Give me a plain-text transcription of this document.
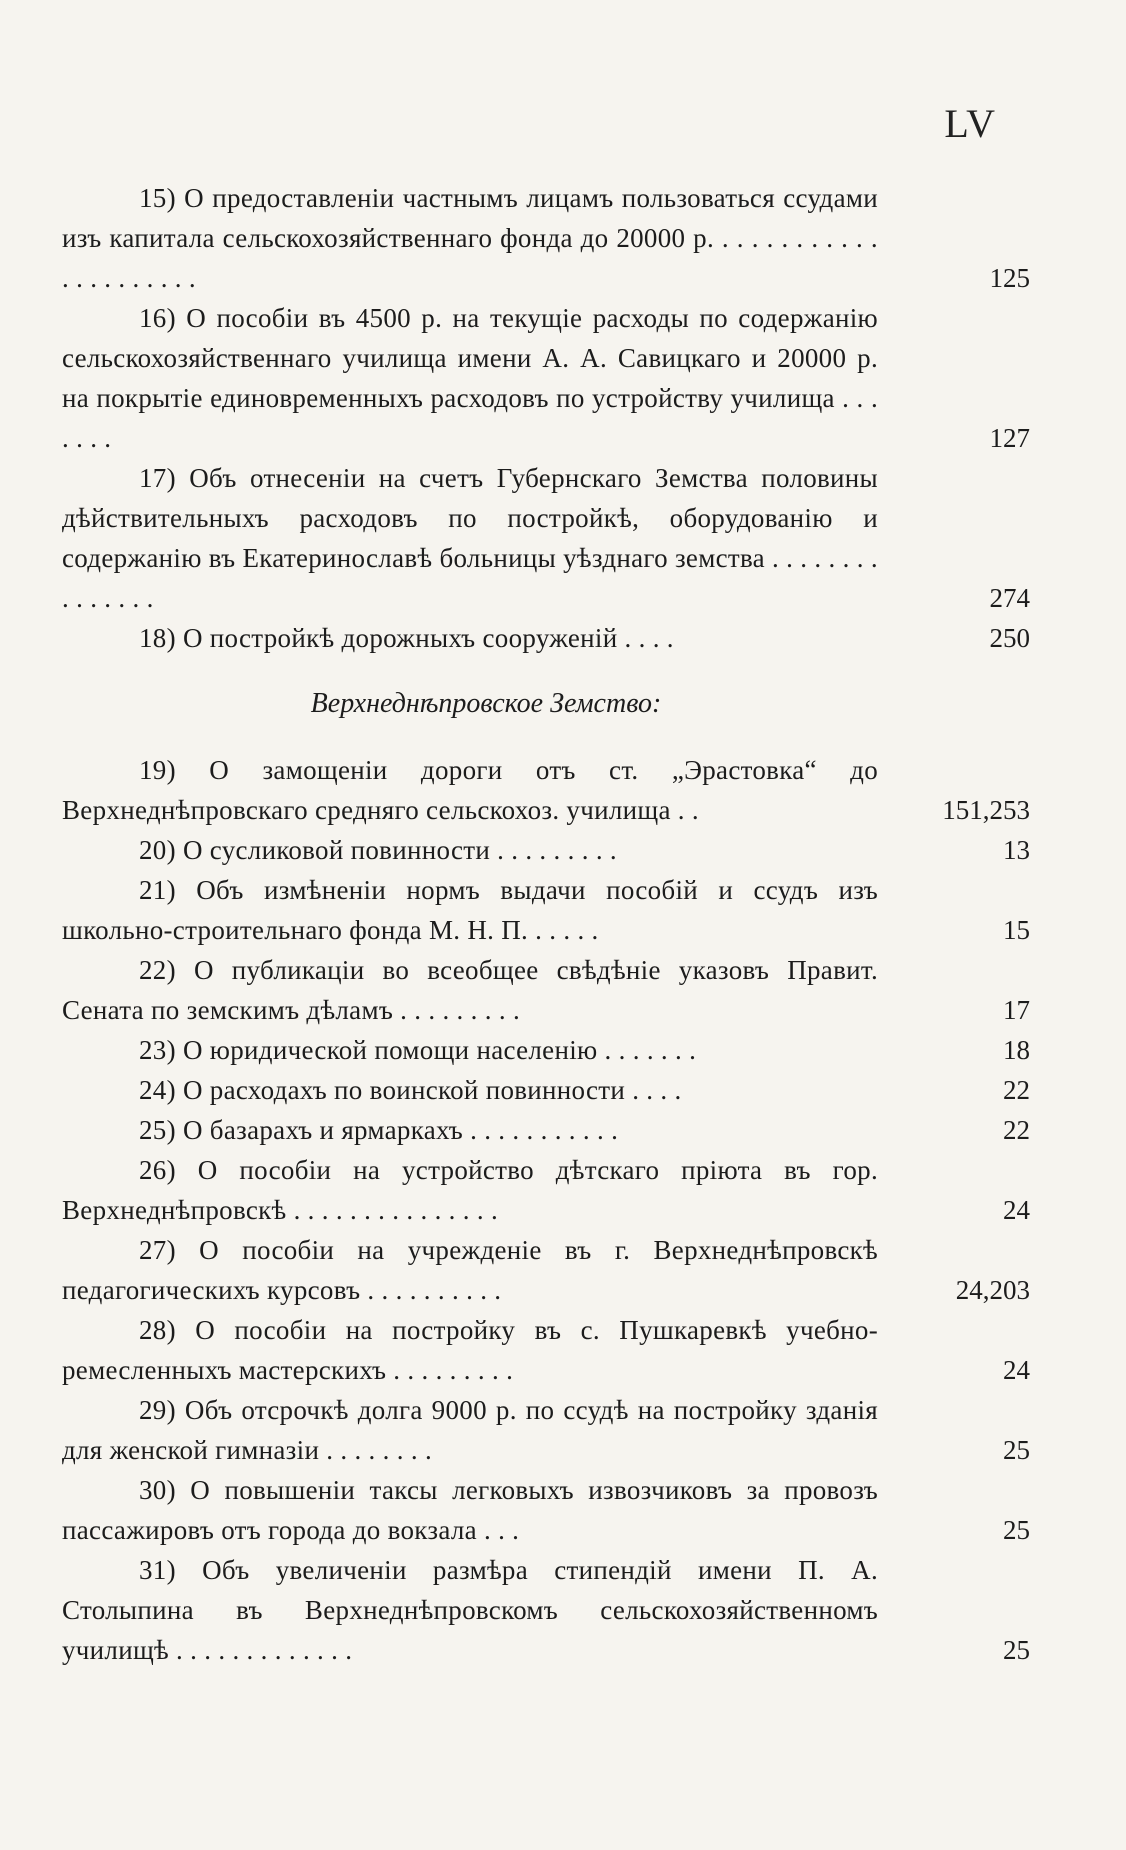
LV
15) О предоставленіи частнымъ лицамъ пользоваться ссудами изъ капитала сельскохозяйственнаго фонда до 20000 р. . . . . . . . . . . . . . . . . . . . . .	125
16) О пособіи въ 4500 р. на текущіе расходы по содержанію сельскохозяйственнаго училища имени А. А. Савицкаго и 20000 р. на покрытіе единовременныхъ расходовъ по устройству училища . . . . . . .	127
17) Объ отнесеніи на счетъ Губернскаго Земства половины дѣйствительныхъ расходовъ по постройкѣ, оборудованію и содержанію въ Екатеринославѣ больницы уѣзднаго земства . . . . . . . . . . . . . . .	274
18) О постройкѣ дорожныхъ сооруженій . . . .	250
Верхнеднѣпровское Земство:
19) О замощеніи дороги отъ ст. „Эрастовка“ до Верхнеднѣпровскаго средняго сельскохоз. училища . .	151,253
20) О сусликовой повинности . . . . . . . . .	13
21) Объ измѣненіи нормъ выдачи пособій и ссудъ изъ школьно-строительнаго фонда М. Н. П. . . . . .	15
22) О публикаціи во всеобщее свѣдѣніе указовъ Правит. Сената по земскимъ дѣламъ . . . . . . . . .	17
23) О юридической помощи населенію . . . . . . .	18
24) О расходахъ по воинской повинности . . . .	22
25) О базарахъ и ярмаркахъ . . . . . . . . . . .	22
26) О пособіи на устройство дѣтскаго пріюта въ гор. Верхнеднѣпровскѣ . . . . . . . . . . . . . . .	24
27) О пособіи на учрежденіе въ г. Верхнеднѣпровскѣ педагогическихъ курсовъ . . . . . . . . . .	24,203
28) О пособіи на постройку въ с. Пушкаревкѣ учебно-ремесленныхъ мастерскихъ . . . . . . . . .	24
29) Объ отсрочкѣ долга 9000 р. по ссудѣ на постройку зданія для женской гимназіи . . . . . . . .	25
30) О повышеніи таксы легковыхъ извозчиковъ за провозъ пассажировъ отъ города до вокзала . . .	25
31) Объ увеличеніи размѣра стипендій имени П. А. Столыпина въ Верхнеднѣпровскомъ сельскохозяйственномъ училищѣ . . . . . . . . . . . . .	25
